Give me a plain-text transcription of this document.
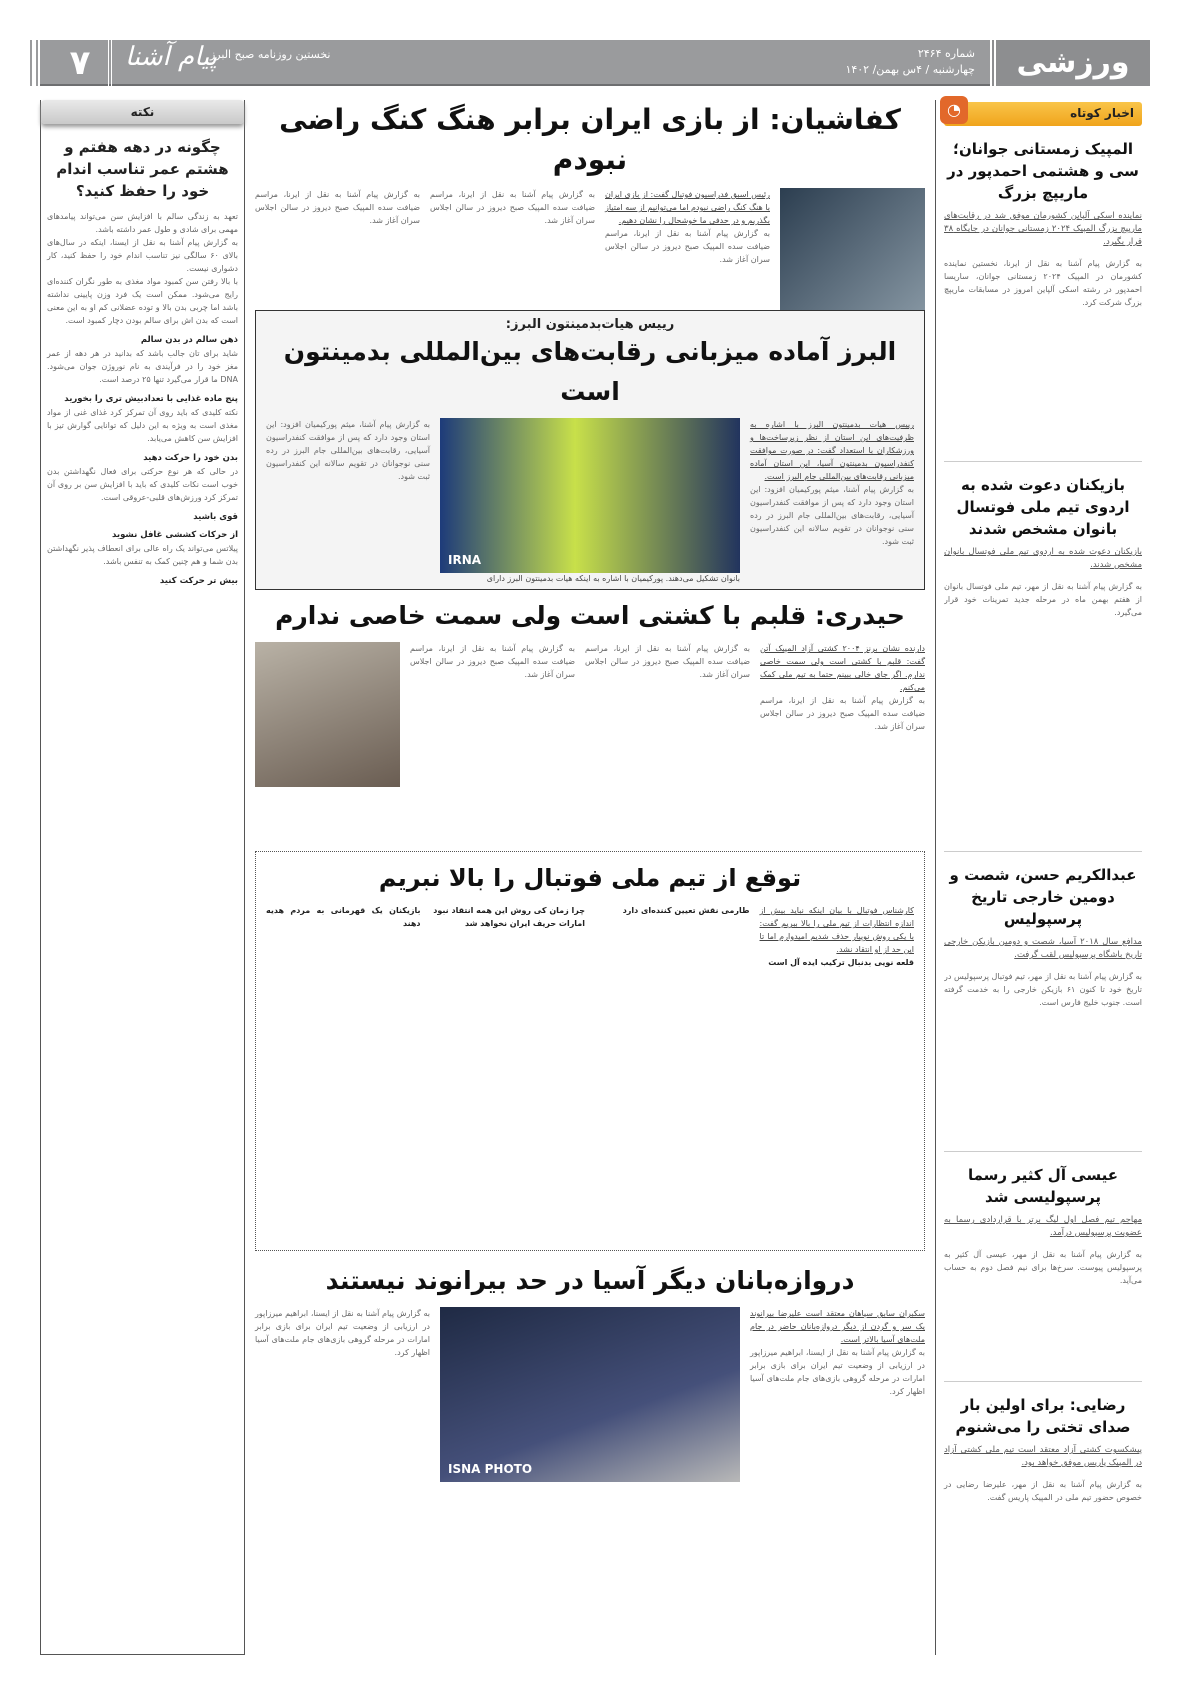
۷	پیام آشنا
نخستین روزنامه صبح البرز	شماره ۲۴۶۴
چهارشنبه / ۴س بهمن/ ۱۴۰۲	ورزشی
اخبار کوتاه
◔
المپیک زمستانی جوانان؛ سی و هشتمی احمدپور در ماریپچ بزرگ

نماینده اسکی آلپاین کشورمان موفق شد در رقابت‌های ماریپچ بزرگ المپیک ۲۰۲۴ زمستانی جوانان در جایگاه ۳۸ قرار بگیرد.

به گزارش پیام آشنا به نقل از ایرنا، نخستین نماینده کشورمان در المپیک ۲۰۲۴ زمستانی جوانان، ساریسا احمدپور در رشته اسکی آلپاین امروز در مسابقات ماریپچ بزرگ شرکت کرد.

بازیکنان دعوت شده به اردوی تیم ملی فوتسال بانوان مشخص شدند

بازیکنان دعوت شده به اردوی تیم ملی فوتسال بانوان مشخص شدند.

به گزارش پیام آشنا به نقل از مهر، تیم ملی فوتسال بانوان از هفتم بهمن ماه در مرحله جدید تمرینات خود قرار می‌گیرد.

عبدالکریم حسن، شصت و دومین خارجی تاریخ پرسپولیس

مدافع سال ۲۰۱۸ آسیا، شصت و دومین بازیکن خارجی تاریخ باشگاه پرسپولیس لقب گرفت.

به گزارش پیام آشنا به نقل از مهر، تیم فوتبال پرسپولیس در تاریخ خود تا کنون ۶۱ بازیکن خارجی را به خدمت گرفته است. جنوب خلیج فارس است.

عیسی آل کثیر رسما پرسپولیسی شد

مهاجم تیم فصل اول لیگ برتر با قراردادی رسما به عضویت پرسپولیس درآمد.

به گزارش پیام آشنا به نقل از مهر، عیسی آل کثیر به پرسپولیس پیوست. سرخ‌ها برای نیم فصل دوم به حساب می‌آید.

رضایی: برای اولین بار صدای تختی را می‌شنوم

پیشکسوت کشتی آزاد معتقد است تیم ملی کشتی آزاد در المپیک پاریس موفق خواهد بود.

به گزارش پیام آشنا به نقل از مهر، علیرضا رضایی در خصوص حضور تیم ملی در المپیک پاریس گفت.

نکته
چگونه در دهه هفتم و هشتم عمر تناسب اندام خود را حفظ کنید؟

تعهد به زندگی سالم با افزایش سن می‌تواند پیامدهای مهمی برای شادی و طول عمر داشته باشد.

به گزارش پیام آشنا به نقل از ایسنا، اینکه در سال‌های بالای ۶۰ سالگی نیز تناسب اندام خود را حفظ کنید، کار دشواری نیست.

با بالا رفتن سن کمبود مواد مغذی به طور نگران کننده‌ای رایج می‌شود. ممکن است یک فرد وزن پایینی نداشته باشد اما چربی بدن بالا و توده عضلانی کم او به این معنی است که بدن اش برای سالم بودن دچار کمبود است.

ذهن سالم در بدن سالم

شاید برای تان جالب باشد که بدانید در هر دهه از عمر مغز خود را در فرآیندی به نام نوروژن جوان می‌شود. DNA ما قرار می‌گیرد تنها ۲۵ درصد است.

پنج ماده غذایی با تعدادبیش تری را بخورید

نکته کلیدی که باید روی آن تمرکز کرد غذای غنی از مواد مغذی است به ویژه به این دلیل که توانایی گوارش تیز با افزایش سن کاهش می‌یابد.

بدن خود را حرکت دهید

در حالی که هر نوع حرکتی برای فعال نگهداشتن بدن خوب است نکات کلیدی که باید با افزایش سن بر روی آن تمرکز کرد ورزش‌های قلبی-عروقی است.

قوی باشید
از حرکات کششی غافل نشوید

پیلاتس می‌تواند یک راه عالی برای انعطاف پذیر نگهداشتن بدن شما و هم چنین کمک به تنفس باشد.

بیش تر حرکت کنید
کفاشیان: از بازی ایران برابر هنگ کنگ راضی نبودم

رئیس اسبق فدراسیون فوتبال گفت: از بازی ایران با هنگ کنگ راضی نبودم اما می‌توانیم از سه امتیاز بگذریم و در حدفی ما خوشحال را نشان دهیم.

به گزارش پیام آشنا به نقل از ایرنا، مراسم ضیافت سده المپیک صبح دیروز در سالن اجلاس سران آغاز شد.

به گزارش پیام آشنا به نقل از ایرنا، مراسم ضیافت سده المپیک صبح دیروز در سالن اجلاس سران آغاز شد.

به گزارش پیام آشنا به نقل از ایرنا، مراسم ضیافت سده المپیک صبح دیروز در سالن اجلاس سران آغاز شد.

رییس هیات‌بدمینتون البرز:
البرز آماده میزبانی رقابت‌های بین‌المللی بدمینتون است

رییس هیات بدمینتون البرز با اشاره به ظرفیت‌های این استان از نظر زیرساخت‌ها و ورزشکاران با استعداد گفت: در صورت موافقت کنفدراسیون بدمینتون آسیا، این استان آماده میزبانی رقابت‌های بین‌المللی جام البرز است.

به گزارش پیام آشنا، میثم پورکیمیان افزود: این استان وجود دارد که پس از موافقت کنفدراسیون آسیایی، رقابت‌های بین‌المللی جام البرز در رده سنی نوجوانان در تقویم سالانه این کنفدراسیون ثبت شود.

IRNA

بانوان تشکیل می‌دهند. پورکیمیان با اشاره به اینکه هیات بدمینتون البرز دارای

به گزارش پیام آشنا، میثم پورکیمیان افزود: این استان وجود دارد که پس از موافقت کنفدراسیون آسیایی، رقابت‌های بین‌المللی جام البرز در رده سنی نوجوانان در تقویم سالانه این کنفدراسیون ثبت شود.

حیدری: قلبم با کشتی است ولی سمت خاصی ندارم

دارنده نشان برنز ۲۰۰۴ کشتی آزاد المپیک آتن گفت: قلبم با کشتی است ولی سمت خاصی ندارم. اگر جای خالی ببینم حتما به تیم ملی کمک می‌کنم.

به گزارش پیام آشنا به نقل از ایرنا، مراسم ضیافت سده المپیک صبح دیروز در سالن اجلاس سران آغاز شد.

به گزارش پیام آشنا به نقل از ایرنا، مراسم ضیافت سده المپیک صبح دیروز در سالن اجلاس سران آغاز شد.

به گزارش پیام آشنا به نقل از ایرنا، مراسم ضیافت سده المپیک صبح دیروز در سالن اجلاس سران آغاز شد.

توقع از تیم ملی فوتبال را بالا نبریم

کارشناس فوتبال با بیان اینکه نباید بیش از اندازه انتظارات از تیم ملی را بالا ببریم گفت: با یکی روش نوپیار حذف شدیم امیدوارم اما تا این حد از او انتقاد نشد.

قلعه نویی بدنبال ترکیب ایده آل است
طارمی نقش تعیین کننده‌ای دارد
چرا زمان کی روش این همه انتقاد نبود
امارات حریف ایران نخواهد شد
بازیکنان یک قهرمانی به مردم هدیه دهند
دروازه‌بانان دیگر آسیا در حد بیرانوند نیستند

سکبران سابق سپاهان معتقد است علیرضا بیرانوند یک سر و گردن از دیگر دروازه‌بانان حاضر در جام ملت‌های آسیا بالاتر است.

به گزارش پیام آشنا به نقل از ایسنا، ابراهیم میرزاپور در ارزیابی از وضعیت تیم ایران برای بازی برابر امارات در مرحله گروهی بازی‌های جام ملت‌های آسیا اظهار کرد.

ISNA PHOTO

به گزارش پیام آشنا به نقل از ایسنا، ابراهیم میرزاپور در ارزیابی از وضعیت تیم ایران برای بازی برابر امارات در مرحله گروهی بازی‌های جام ملت‌های آسیا اظهار کرد.
